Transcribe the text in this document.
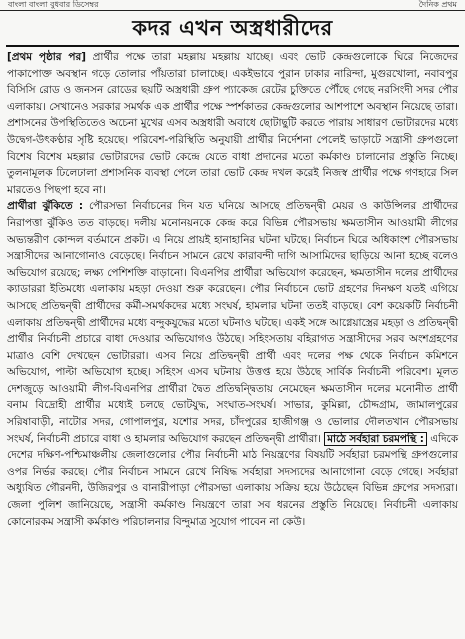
বাংলা বাংলা বুধবার ডিসেম্বর	দৈনিক প্রথম
কদর এখন অস্ত্রধারীদের

[প্রথম পৃষ্ঠার পর] প্রার্থীর পক্ষে তারা মহল্লায় মহল্লায় যাচ্ছে। এবং ভোট কেন্দ্রগুলোকে ঘিরে নিজেদের পাকাপোক্ত অবস্থান গড়ে তোলার পাঁয়তারা চালাচ্ছে। একইভাবে পুরান ঢাকার নারিন্দা, মুগুরখোলা, নবাবপুর বিসিসি রোড ও জনসন রোডের ছয়টি অস্ত্রধারী গ্রুপ প্যাকেজ রেটের চুক্তিতে পৌঁছে গেছে নরসিংদী সদর পৌর এলাকায়। সেখানেও সরকার সমর্থক এক প্রার্থীর পক্ষে স্পর্শকাতর কেন্দ্রগুলোর আশপাশে অবস্থান নিয়েছে তারা। প্রশাসনের উপস্থিতিতেও অচেনা মুখের এসব অস্ত্রধারী অবাধে ছোটাছুটি করতে পারায় সাধারণ ভোটারদের মধ্যে উদ্বেগ-উৎকণ্ঠার সৃষ্টি হয়েছে। পরিবেশ-পরিস্থিতি অনুযায়ী প্রার্থীর নির্দেশনা পেলেই ভাড়াটে সন্ত্রাসী গ্রুপগুলো বিশেষ বিশেষ মহল্লার ভোটারদের ভোট কেন্দ্রে যেতে বাধা প্রদানের মতো কর্মকাণ্ড চালানোর প্রস্তুতি নিচ্ছে। তুলনামূলক ঢিলেঢালা প্রশাসনিক ব্যবস্থা পেলে তারা ভোট কেন্দ্র দখল করেই নিজস্ব প্রার্থীর পক্ষে গণহারে সিল মারতেও পিছপা হবে না।

প্রার্থীরা ঝুঁকিতে : পৌরসভা নির্বাচনের দিন যত ঘনিয়ে আসছে প্রতিদ্বন্দ্বী মেয়র ও কাউন্সিলর প্রার্থীদের নিরাপত্তা ঝুঁকিও তত বাড়ছে। দলীয় মনোনয়নকে কেন্দ্র করে বিভিন্ন পৌরসভায় ক্ষমতাসীন আওয়ামী লীগের অভ্যন্তরীণ কোন্দল বর্তমানে প্রকট। এ নিয়ে প্রায়ই হানাহানির ঘটনা ঘটছে। নির্বাচন ঘিরে অধিকাংশ পৌরসভায় সন্ত্রাসীদের আনাগোনাও বেড়েছে। নির্বাচন সামনে রেখে কারাবন্দী দাগি আসামিদের ছাড়িয়ে আনা হচ্ছে বলেও অভিযোগ রয়েছে; লক্ষ্য পেশিশক্তি বাড়ানো। বিএনপির প্রার্থীরা অভিযোগ করেছেন, ক্ষমতাসীন দলের প্রার্থীদের ক্যাডাররা ইতিমধ্যে এলাকায় মহড়া দেওয়া শুরু করেছেন। পৌর নির্বাচনে ভোট গ্রহণের দিনক্ষণ যতই এগিয়ে আসছে প্রতিদ্বন্দ্বী প্রার্থীদের কর্মী-সমর্থকদের মধ্যে সংঘর্ষ, হামলার ঘটনা ততই বাড়ছে। বেশ কয়েকটি নির্বাচনী এলাকায় প্রতিদ্বন্দ্বী প্রার্থীদের মধ্যে বন্দুকযুদ্ধের মতো ঘটনাও ঘটছে। একই সঙ্গে আগ্নেয়াস্ত্রের মহড়া ও প্রতিদ্বন্দ্বী প্রার্থীর নির্বাচনী প্রচারে বাধা দেওয়ার অভিযোগও উঠছে। সহিংসতায় বহিরাগত সন্ত্রাসীদের সরব অংশগ্রহণের মাত্রাও বেশি দেখছেন ভোটাররা। এসব নিয়ে প্রতিদ্বন্দ্বী প্রার্থী এবং দলের পক্ষ থেকে নির্বাচন কমিশনে অভিযোগ, পাল্টা অভিযোগ হচ্ছে। সহিংস এসব ঘটনায় উত্তপ্ত হয়ে উঠছে সার্বিক নির্বাচনী পরিবেশ। মূলত দেশজুড়ে আওয়ামী লীগ-বিএনপির প্রার্থীরা দ্বৈত প্রতিদ্বন্দ্বিতায় নেমেছেন ক্ষমতাসীন দলের মনোনীত প্রার্থী বনাম বিদ্রোহী প্রার্থীর মধ্যেই চলছে ভোটযুদ্ধ, সংঘাত-সংঘর্ষ। সাভার, কুমিল্লা, চৌদ্দগ্রাম, জামালপুরের সরিষাবাড়ী, নাটোর সদর, গোপালপুর, যশোর সদর, চাঁদপুরের হাজীগঞ্জ ও ভোলার দৌলতখান পৌরসভায় সংঘর্ষ, নির্বাচনী প্রচারে বাধা ও হামলার অভিযোগ করছেন প্রতিদ্বন্দ্বী প্রার্থীরা। মাঠে সর্বহারা চরমপন্থি : এদিকে দেশের দক্ষিণ-পশ্চিমাঞ্চলীয় জেলাগুলোর পৌর নির্বাচনী মাঠ নিয়ন্ত্রণের বিষয়টি সর্বহারা চরমপন্থি গ্রুপগুলোর ওপর নির্ভর করছে। পৌর নির্বাচন সামনে রেখে নিষিদ্ধ সর্বহারা সদস্যদের আনাগোনা বেড়ে গেছে। সর্বহারা অধ্যুষিত গৌরনদী, উজিরপুর ও বানারীপাড়া পৌরসভা এলাকায় সক্রিয় হয়ে উঠেছেন বিভিন্ন গ্রুপের সদস্যরা। জেলা পুলিশ জানিয়েছে, সন্ত্রাসী কর্মকাণ্ড নিয়ন্ত্রণে তারা সব ধরনের প্রস্তুতি নিয়েছে। নির্বাচনী এলাকায় কোনোরকম সন্ত্রাসী কর্মকাণ্ড পরিচালনার বিন্দুমাত্র সুযোগ পাবেন না কেউ।
